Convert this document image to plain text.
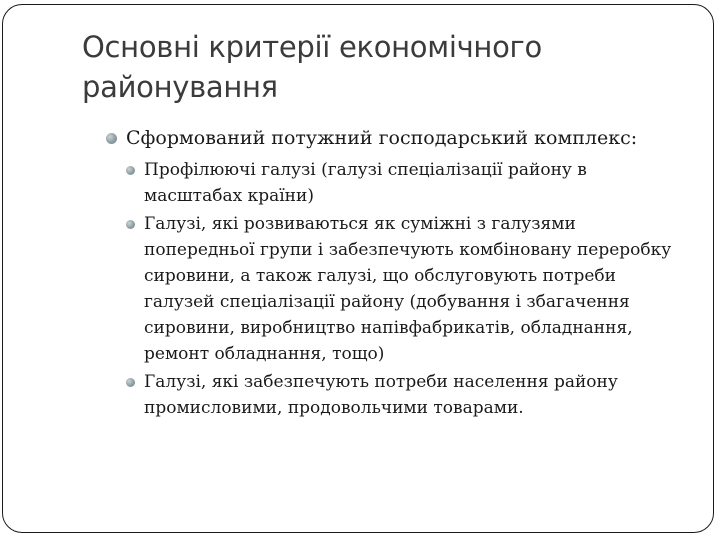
Основні критерії економічного районування
Сформований потужний господарський комплекс:
Профілюючі галузі (галузі спеціалізації району в масштабах країни)
Галузі, які розвиваються як суміжні з галузями попередньої групи і забезпечують комбіновану переробку сировини, а також галузі, що обслуговують потреби галузей спеціалізації району (добування і збагачення сировини, виробництво напівфабрикатів, обладнання, ремонт обладнання, тощо)
Галузі, які забезпечують потреби населення району промисловими, продовольчими товарами.
